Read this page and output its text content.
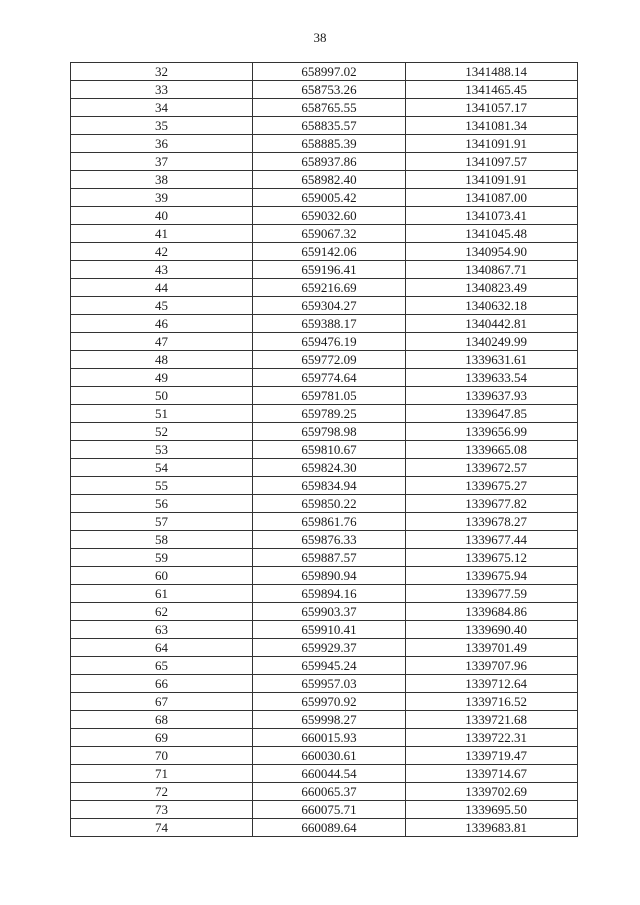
38
32	658997.02	1341488.14
33	658753.26	1341465.45
34	658765.55	1341057.17
35	658835.57	1341081.34
36	658885.39	1341091.91
37	658937.86	1341097.57
38	658982.40	1341091.91
39	659005.42	1341087.00
40	659032.60	1341073.41
41	659067.32	1341045.48
42	659142.06	1340954.90
43	659196.41	1340867.71
44	659216.69	1340823.49
45	659304.27	1340632.18
46	659388.17	1340442.81
47	659476.19	1340249.99
48	659772.09	1339631.61
49	659774.64	1339633.54
50	659781.05	1339637.93
51	659789.25	1339647.85
52	659798.98	1339656.99
53	659810.67	1339665.08
54	659824.30	1339672.57
55	659834.94	1339675.27
56	659850.22	1339677.82
57	659861.76	1339678.27
58	659876.33	1339677.44
59	659887.57	1339675.12
60	659890.94	1339675.94
61	659894.16	1339677.59
62	659903.37	1339684.86
63	659910.41	1339690.40
64	659929.37	1339701.49
65	659945.24	1339707.96
66	659957.03	1339712.64
67	659970.92	1339716.52
68	659998.27	1339721.68
69	660015.93	1339722.31
70	660030.61	1339719.47
71	660044.54	1339714.67
72	660065.37	1339702.69
73	660075.71	1339695.50
74	660089.64	1339683.81
